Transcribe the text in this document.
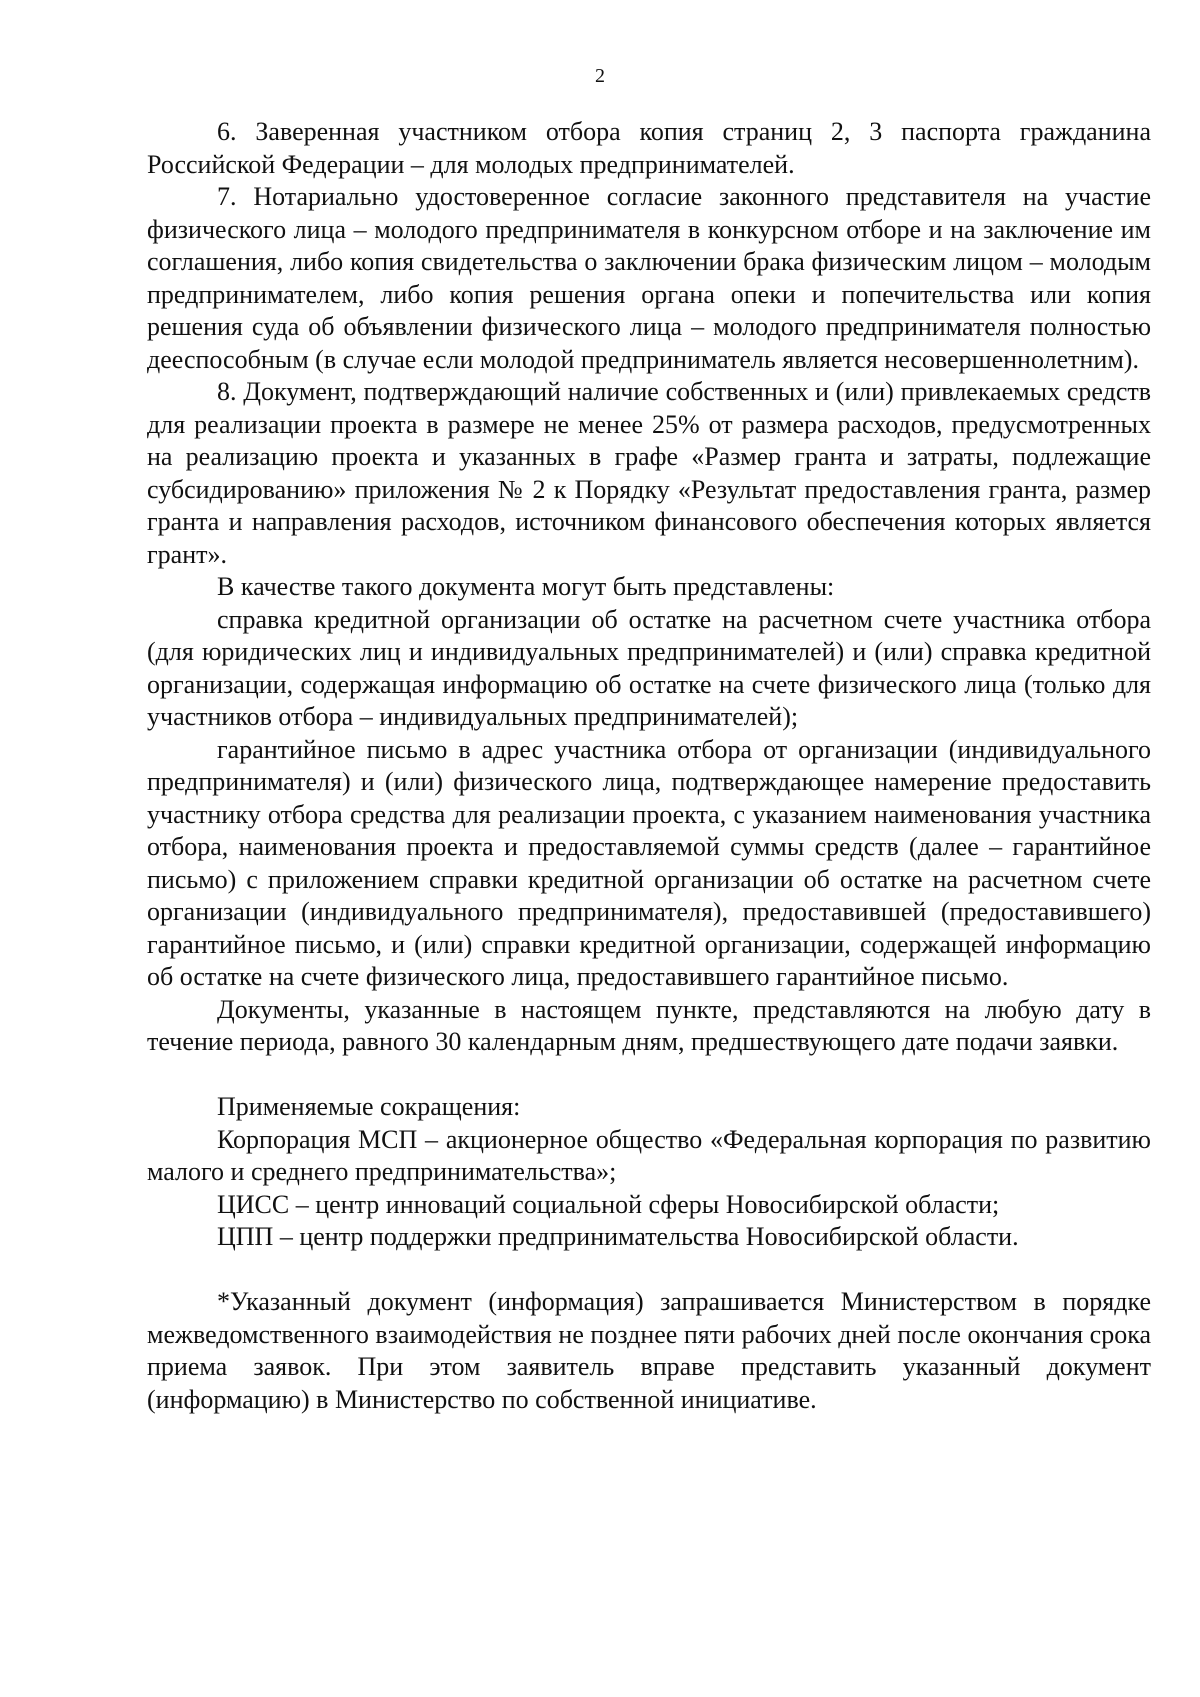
2

6. Заверенная участником отбора копия страниц 2, 3 паспорта гражданина Российской Федерации – для молодых предпринимателей.

7. Нотариально удостоверенное согласие законного представителя на участие физического лица – молодого предпринимателя в конкурсном отборе и на заключение им соглашения, либо копия свидетельства о заключении брака физическим лицом – молодым предпринимателем, либо копия решения органа опеки и попечительства или копия решения суда об объявлении физического лица – молодого предпринимателя полностью дееспособным (в случае если молодой предприниматель является несовершеннолетним).

8. Документ, подтверждающий наличие собственных и (или) привлекаемых средств для реализации проекта в размере не менее 25% от размера расходов, предусмотренных на реализацию проекта и указанных в графе «Размер гранта и затраты, подлежащие субсидированию» приложения № 2 к Порядку «Результат предоставления гранта, размер гранта и направления расходов, источником финансового обеспечения которых является грант».

В качестве такого документа могут быть представлены:

справка кредитной организации об остатке на расчетном счете участника отбора (для юридических лиц и индивидуальных предпринимателей) и (или) справка кредитной организации, содержащая информацию об остатке на счете физического лица (только для участников отбора – индивидуальных предпринимателей);

гарантийное письмо в адрес участника отбора от организации (индивидуального предпринимателя) и (или) физического лица, подтверждающее намерение предоставить участнику отбора средства для реализации проекта, с указанием наименования участника отбора, наименования проекта и предоставляемой суммы средств (далее – гарантийное письмо) с приложением справки кредитной организации об остатке на расчетном счете организации (индивидуального предпринимателя), предоставившей (предоставившего) гарантийное письмо, и (или) справки кредитной организации, содержащей информацию об остатке на счете физического лица, предоставившего гарантийное письмо.

Документы, указанные в настоящем пункте, представляются на любую дату в течение периода, равного 30 календарным дням, предшествующего дате подачи заявки.

Применяемые сокращения:

Корпорация МСП – акционерное общество «Федеральная корпорация по развитию малого и среднего предпринимательства»;

ЦИСС – центр инноваций социальной сферы Новосибирской области;

ЦПП – центр поддержки предпринимательства Новосибирской области.

*Указанный документ (информация) запрашивается Министерством в порядке межведомственного взаимодействия не позднее пяти рабочих дней после окончания срока приема заявок. При этом заявитель вправе представить указанный документ (информацию) в Министерство по собственной инициативе.
